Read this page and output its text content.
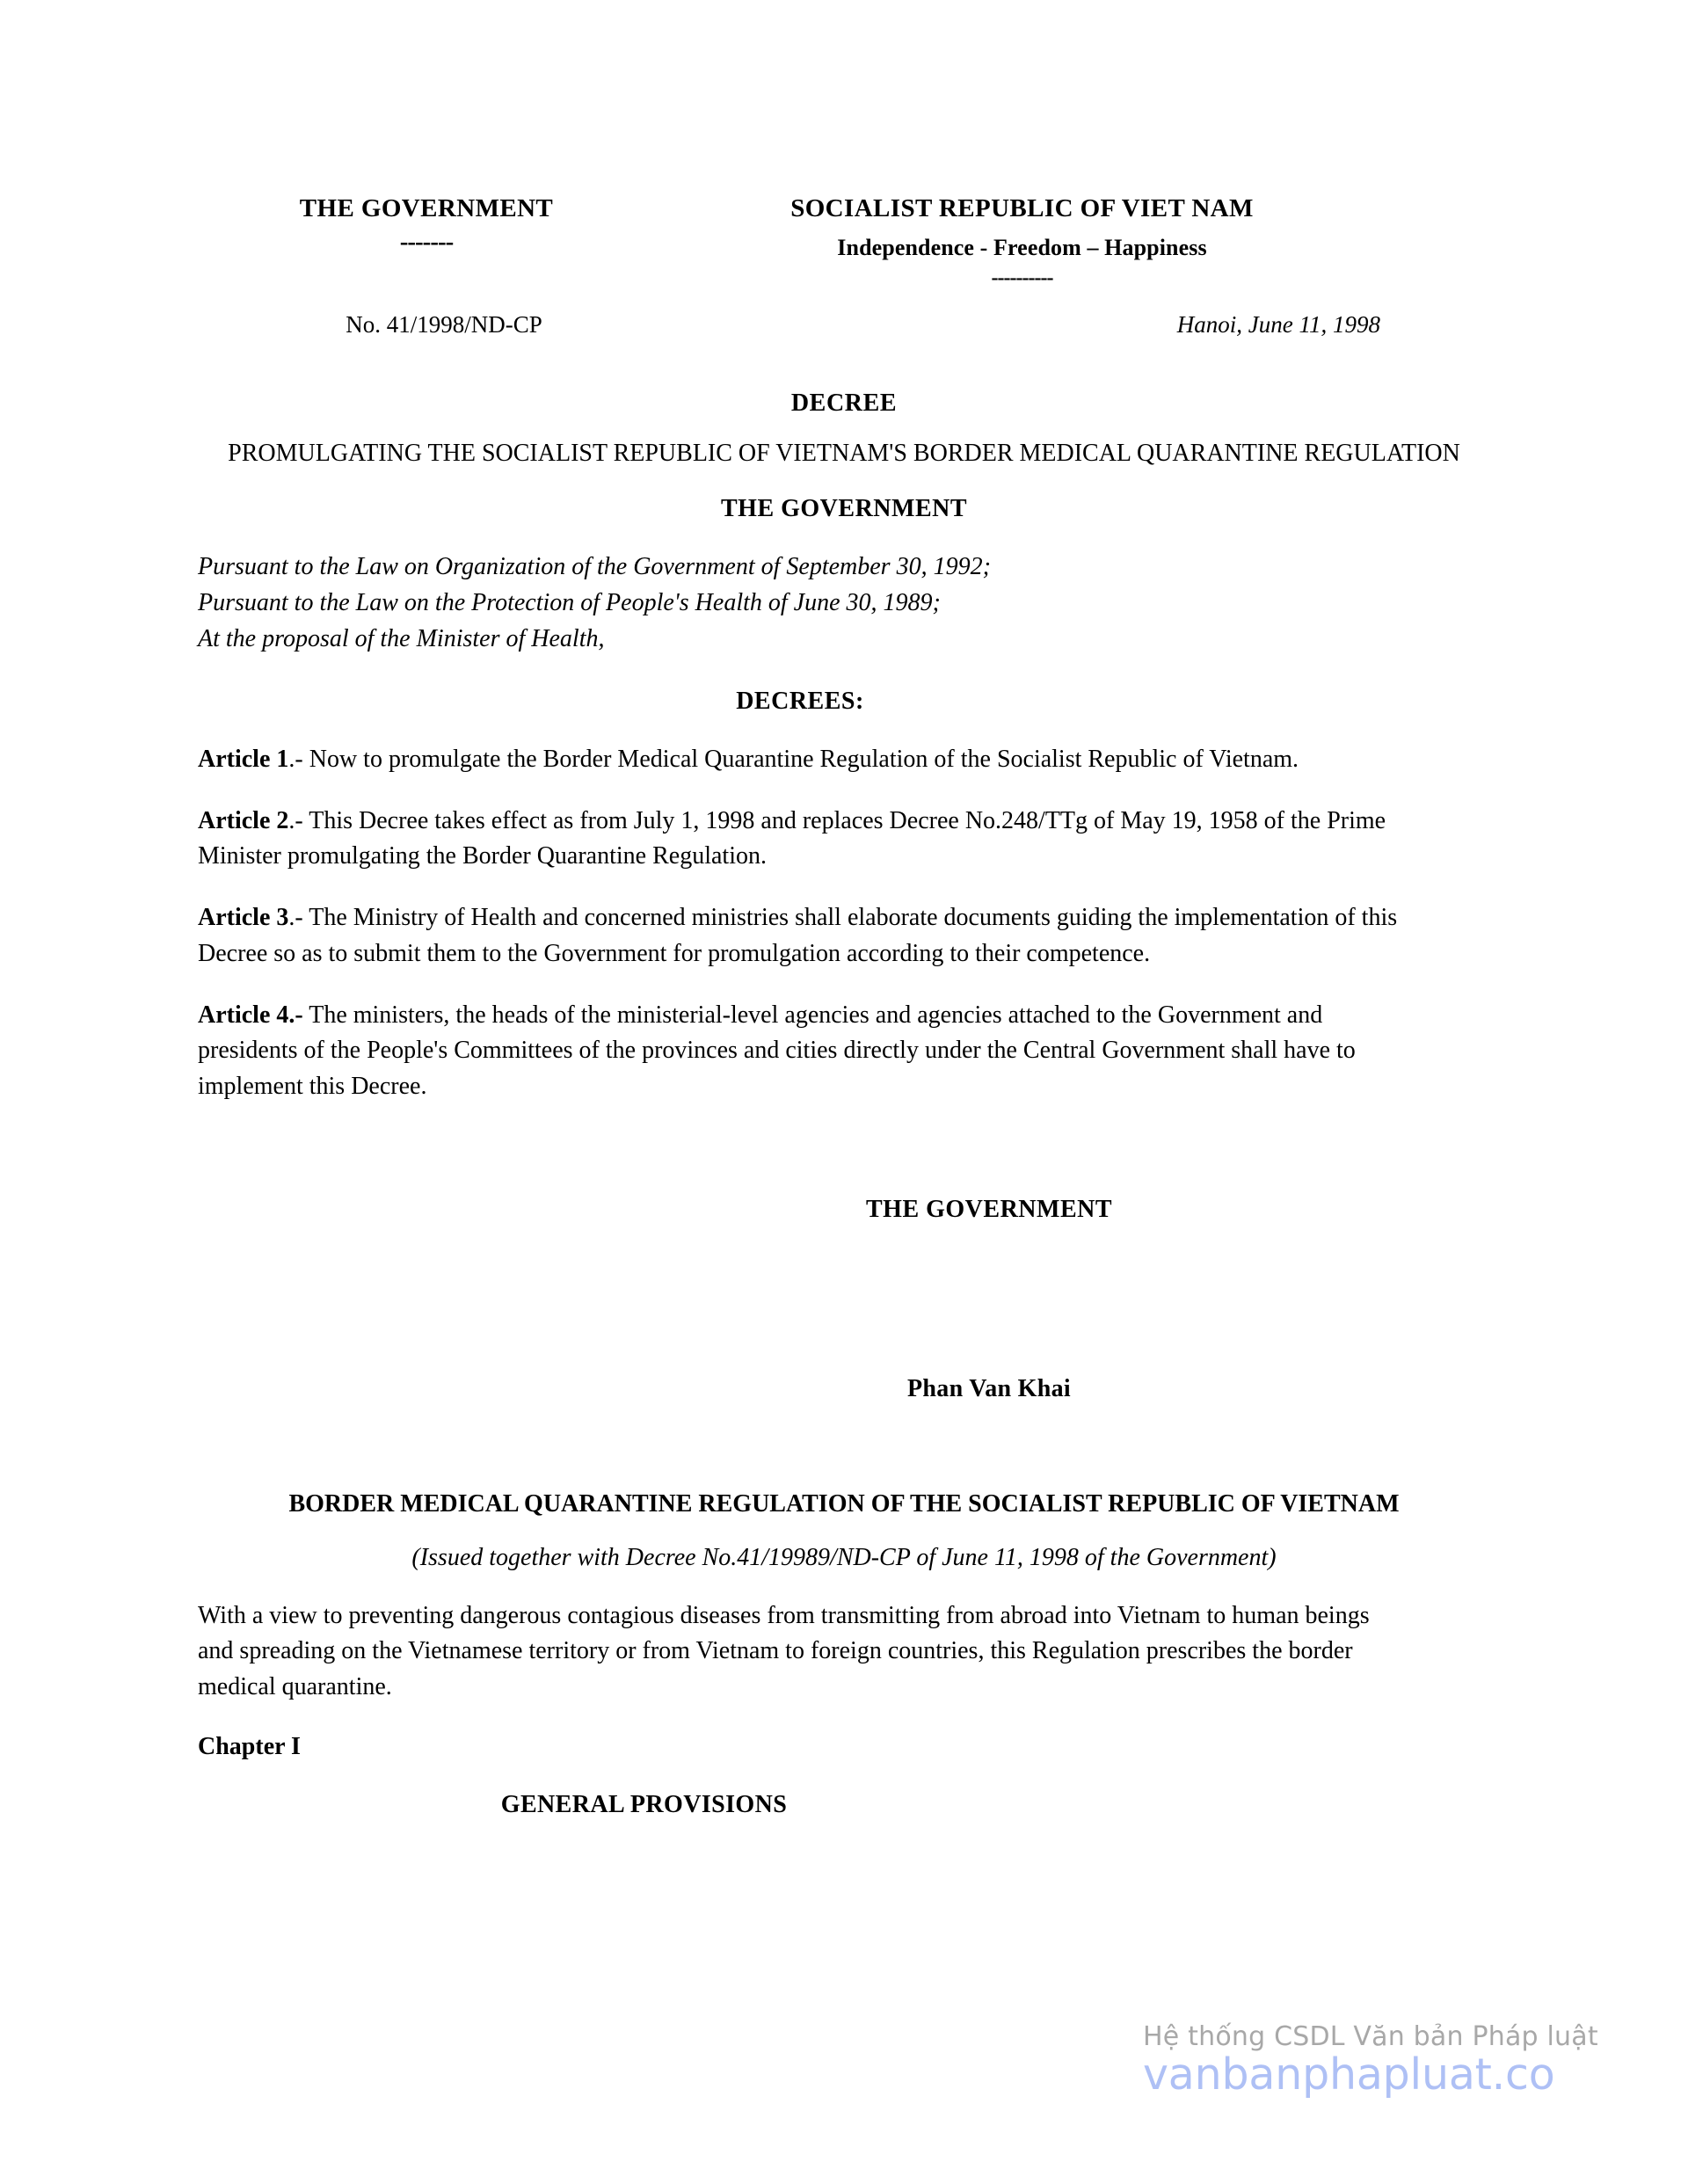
THE GOVERNMENT
-------
SOCIALIST REPUBLIC OF VIET NAM
Independence - Freedom – Happiness
----------
No. 41/1998/ND-CP	Hanoi, June 11, 1998
DECREE
PROMULGATING THE SOCIALIST REPUBLIC OF VIETNAM'S BORDER MEDICAL QUARANTINE REGULATION
THE GOVERNMENT
Pursuant to the Law on Organization of the Government of September 30, 1992;
Pursuant to the Law on the Protection of People's Health of June 30, 1989;
At the proposal of the Minister of Health,
DECREES:

Article 1.- Now to promulgate the Border Medical Quarantine Regulation of the Socialist Republic of Vietnam.

Article 2.- This Decree takes effect as from July 1, 1998 and replaces Decree No.248/TTg of May 19, 1958 of the Prime Minister promulgating the Border Quarantine Regulation.

Article 3.- The Ministry of Health and concerned ministries shall elaborate documents guiding the implementation of this Decree so as to submit them to the Government for promulgation according to their competence.

Article 4.- The ministers, the heads of the ministerial-level agencies and agencies attached to the Government and presidents of the People's Committees of the provinces and cities directly under the Central Government shall have to implement this Decree.

THE GOVERNMENT
Phan Van Khai
BORDER MEDICAL QUARANTINE REGULATION OF THE SOCIALIST REPUBLIC OF VIETNAM
(Issued together with Decree No.41/19989/ND-CP of June 11, 1998 of the Government)
With a view to preventing dangerous contagious diseases from transmitting from abroad into Vietnam to human beings and spreading on the Vietnamese territory or from Vietnam to foreign countries, this Regulation prescribes the border medical quarantine.
Chapter I
GENERAL PROVISIONS
Hệ thống CSDL Văn bản Pháp luật
vanbanphapluat.co
